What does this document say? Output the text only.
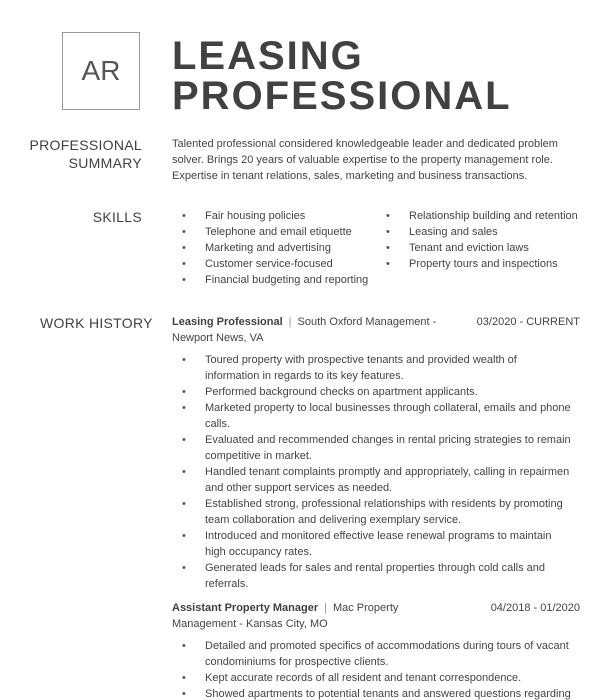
AR LEASING
PROFESSIONAL
PROFESSIONAL
SUMMARY
Talented professional considered knowledgeable leader and dedicated problem solver. Brings 20 years of valuable expertise to the property management role. Expertise in tenant relations, sales, marketing and business transactions.
SKILLS
•	Fair housing policies
• Telephone and email etiquette
• Marketing and advertising
• Customer service-focused
• Financial budgeting and reporting
• Relationship building and retention
• Leasing and sales
• Tenant and eviction laws
• Property tours and inspections
WORK HISTORY	Leasing Professional | South Oxford Management -
Newport News, VA
03/2020 - CURRENT
• Toured property with prospective tenants and provided wealth of information in regards to its key features.
• Performed background checks on apartment applicants.
• Marketed property to local businesses through collateral, emails and phone calls.
• Evaluated and recommended changes in rental pricing strategies to remain competitive in market.
• Handled tenant complaints promptly and appropriately, calling in repairmen and other support services as needed.
• Established strong, professional relationships with residents by promoting team collaboration and delivering exemplary service.
• Introduced and monitored effective lease renewal programs to maintain high occupancy rates.
• Generated leads for sales and rental properties through cold calls and referrals.
Assistant Property Manager | Mac Property
Management - Kansas City, MO
04/2018 - 01/2020
• Detailed and promoted specifics of accommodations during tours of vacant condominiums for prospective clients.
• Kept accurate records of all resident and tenant correspondence.
• Showed apartments to potential tenants and answered questions regarding
